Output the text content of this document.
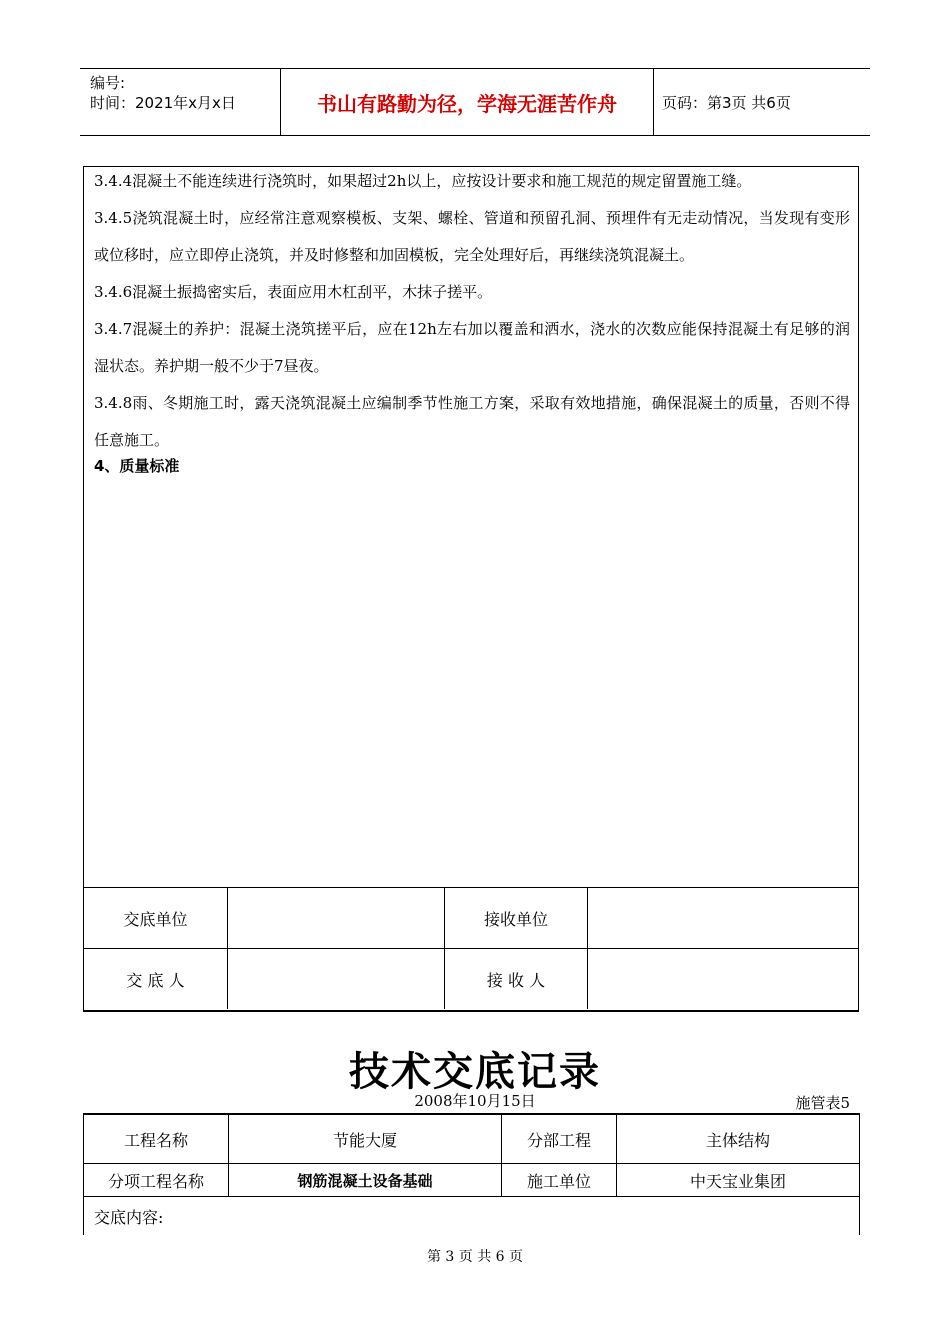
编号:
时间：2021年x月x日	书山有路勤为径，学海无涯苦作舟	页码：第3页 共6页
3.4.4混凝土不能连续进行浇筑时，如果超过2h以上，应按设计要求和施工规范的规定留置施工缝。
3.4.5浇筑混凝土时，应经常注意观察模板、支架、螺栓、管道和预留孔洞、预埋件有无走动情况，当发现有变形或位移时，应立即停止浇筑，并及时修整和加固模板，完全处理好后，再继续浇筑混凝土。
3.4.6混凝土振捣密实后，表面应用木杠刮平，木抹子搓平。
3.4.7混凝土的养护：混凝土浇筑搓平后，应在12h左右加以覆盖和洒水，浇水的次数应能保持混凝土有足够的润湿状态。养护期一般不少于7昼夜。
3.4.8雨、冬期施工时，露天浇筑混凝土应编制季节性施工方案，采取有效地措施，确保混凝土的质量，否则不得任意施工。
4、质量标准
交底单位		接收单位	
交 底 人		接 收 人	
技术交底记录
2008年10月15日	施管表5
工程名称	节能大厦	分部工程	主体结构
分项工程名称	钢筋混凝土设备基础	施工单位	中天宝业集团
交底内容:			
第 3 页 共 6 页
